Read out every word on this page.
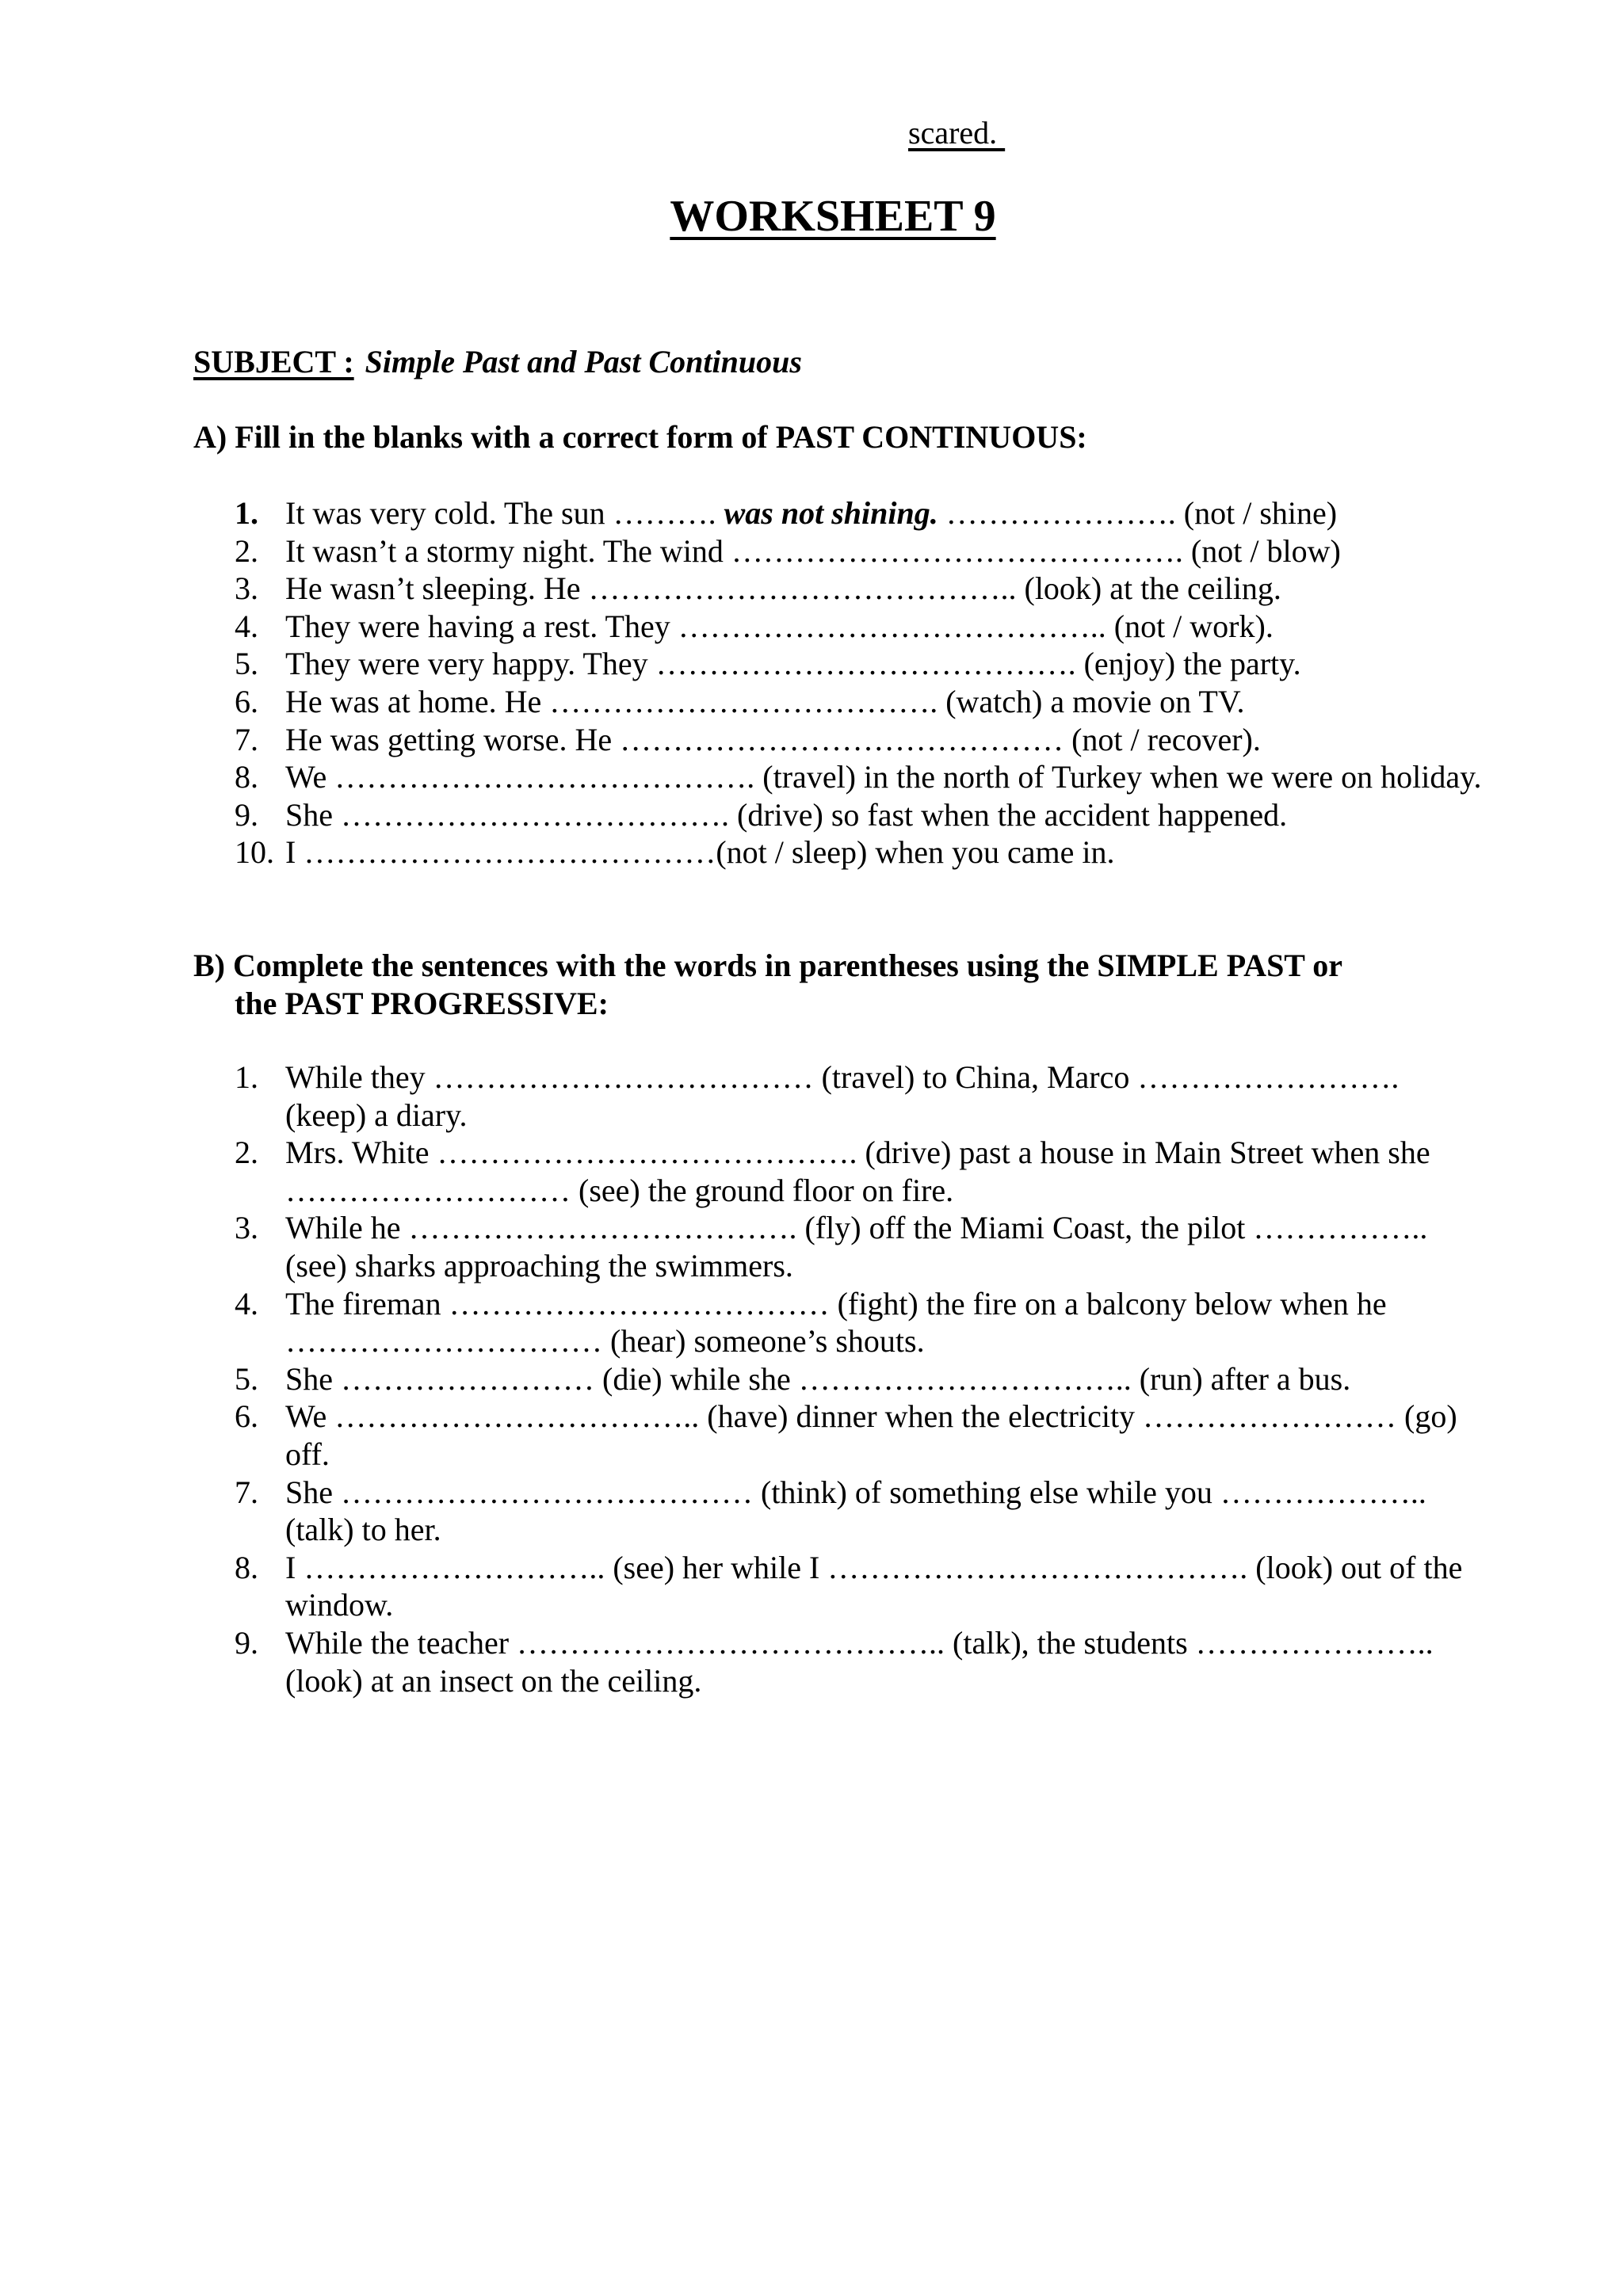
scared.
WORKSHEET 9
SUBJECT : Simple Past and Past Continuous
A) Fill in the blanks with a correct form of PAST CONTINUOUS:
1. It was very cold. The sun ………. was not shining. …………………. (not / shine)
2. It wasn’t a stormy night. The wind ……………………………………. (not / blow)
3. He wasn’t sleeping. He ………………………………….. (look) at the ceiling.
4. They were having a rest. They ………………………………….. (not / work).
5. They were very happy. They …………………………………. (enjoy) the party.
6. He was at home. He ………………………………. (watch) a movie on TV.
7. He was getting worse. He …………………………………… (not / recover).
8. We …………………………………. (travel) in the north of Turkey when we were on holiday.
9. She ………………………………. (drive) so fast when the accident happened.
10. I …………………………………(not / sleep) when you came in.
B) Complete the sentences with the words in parentheses using the SIMPLE PAST or
the PAST PROGRESSIVE:
1. While they ……………………………… (travel) to China, Marco ……………………. (keep) a diary.
2. Mrs. White …………………………………. (drive) past a house in Main Street when she ……………………… (see) the ground floor on fire.
3. While he ………………………………. (fly) off the Miami Coast, the pilot …………….. (see) sharks approaching the swimmers.
4. The fireman ……………………………… (fight) the fire on a balcony below when he ………………………… (hear) someone’s shouts.
5. She …………………… (die) while she ………………………….. (run) after a bus.
6. We …………………………….. (have) dinner when the electricity …………………… (go) off.
7. She ………………………………… (think) of something else while you ……………….. (talk) to her.
8. I ……………………….. (see) her while I …………………………………. (look) out of the window.
9. While the teacher ………………………………….. (talk), the students ………………….. (look) at an insect on the ceiling.
